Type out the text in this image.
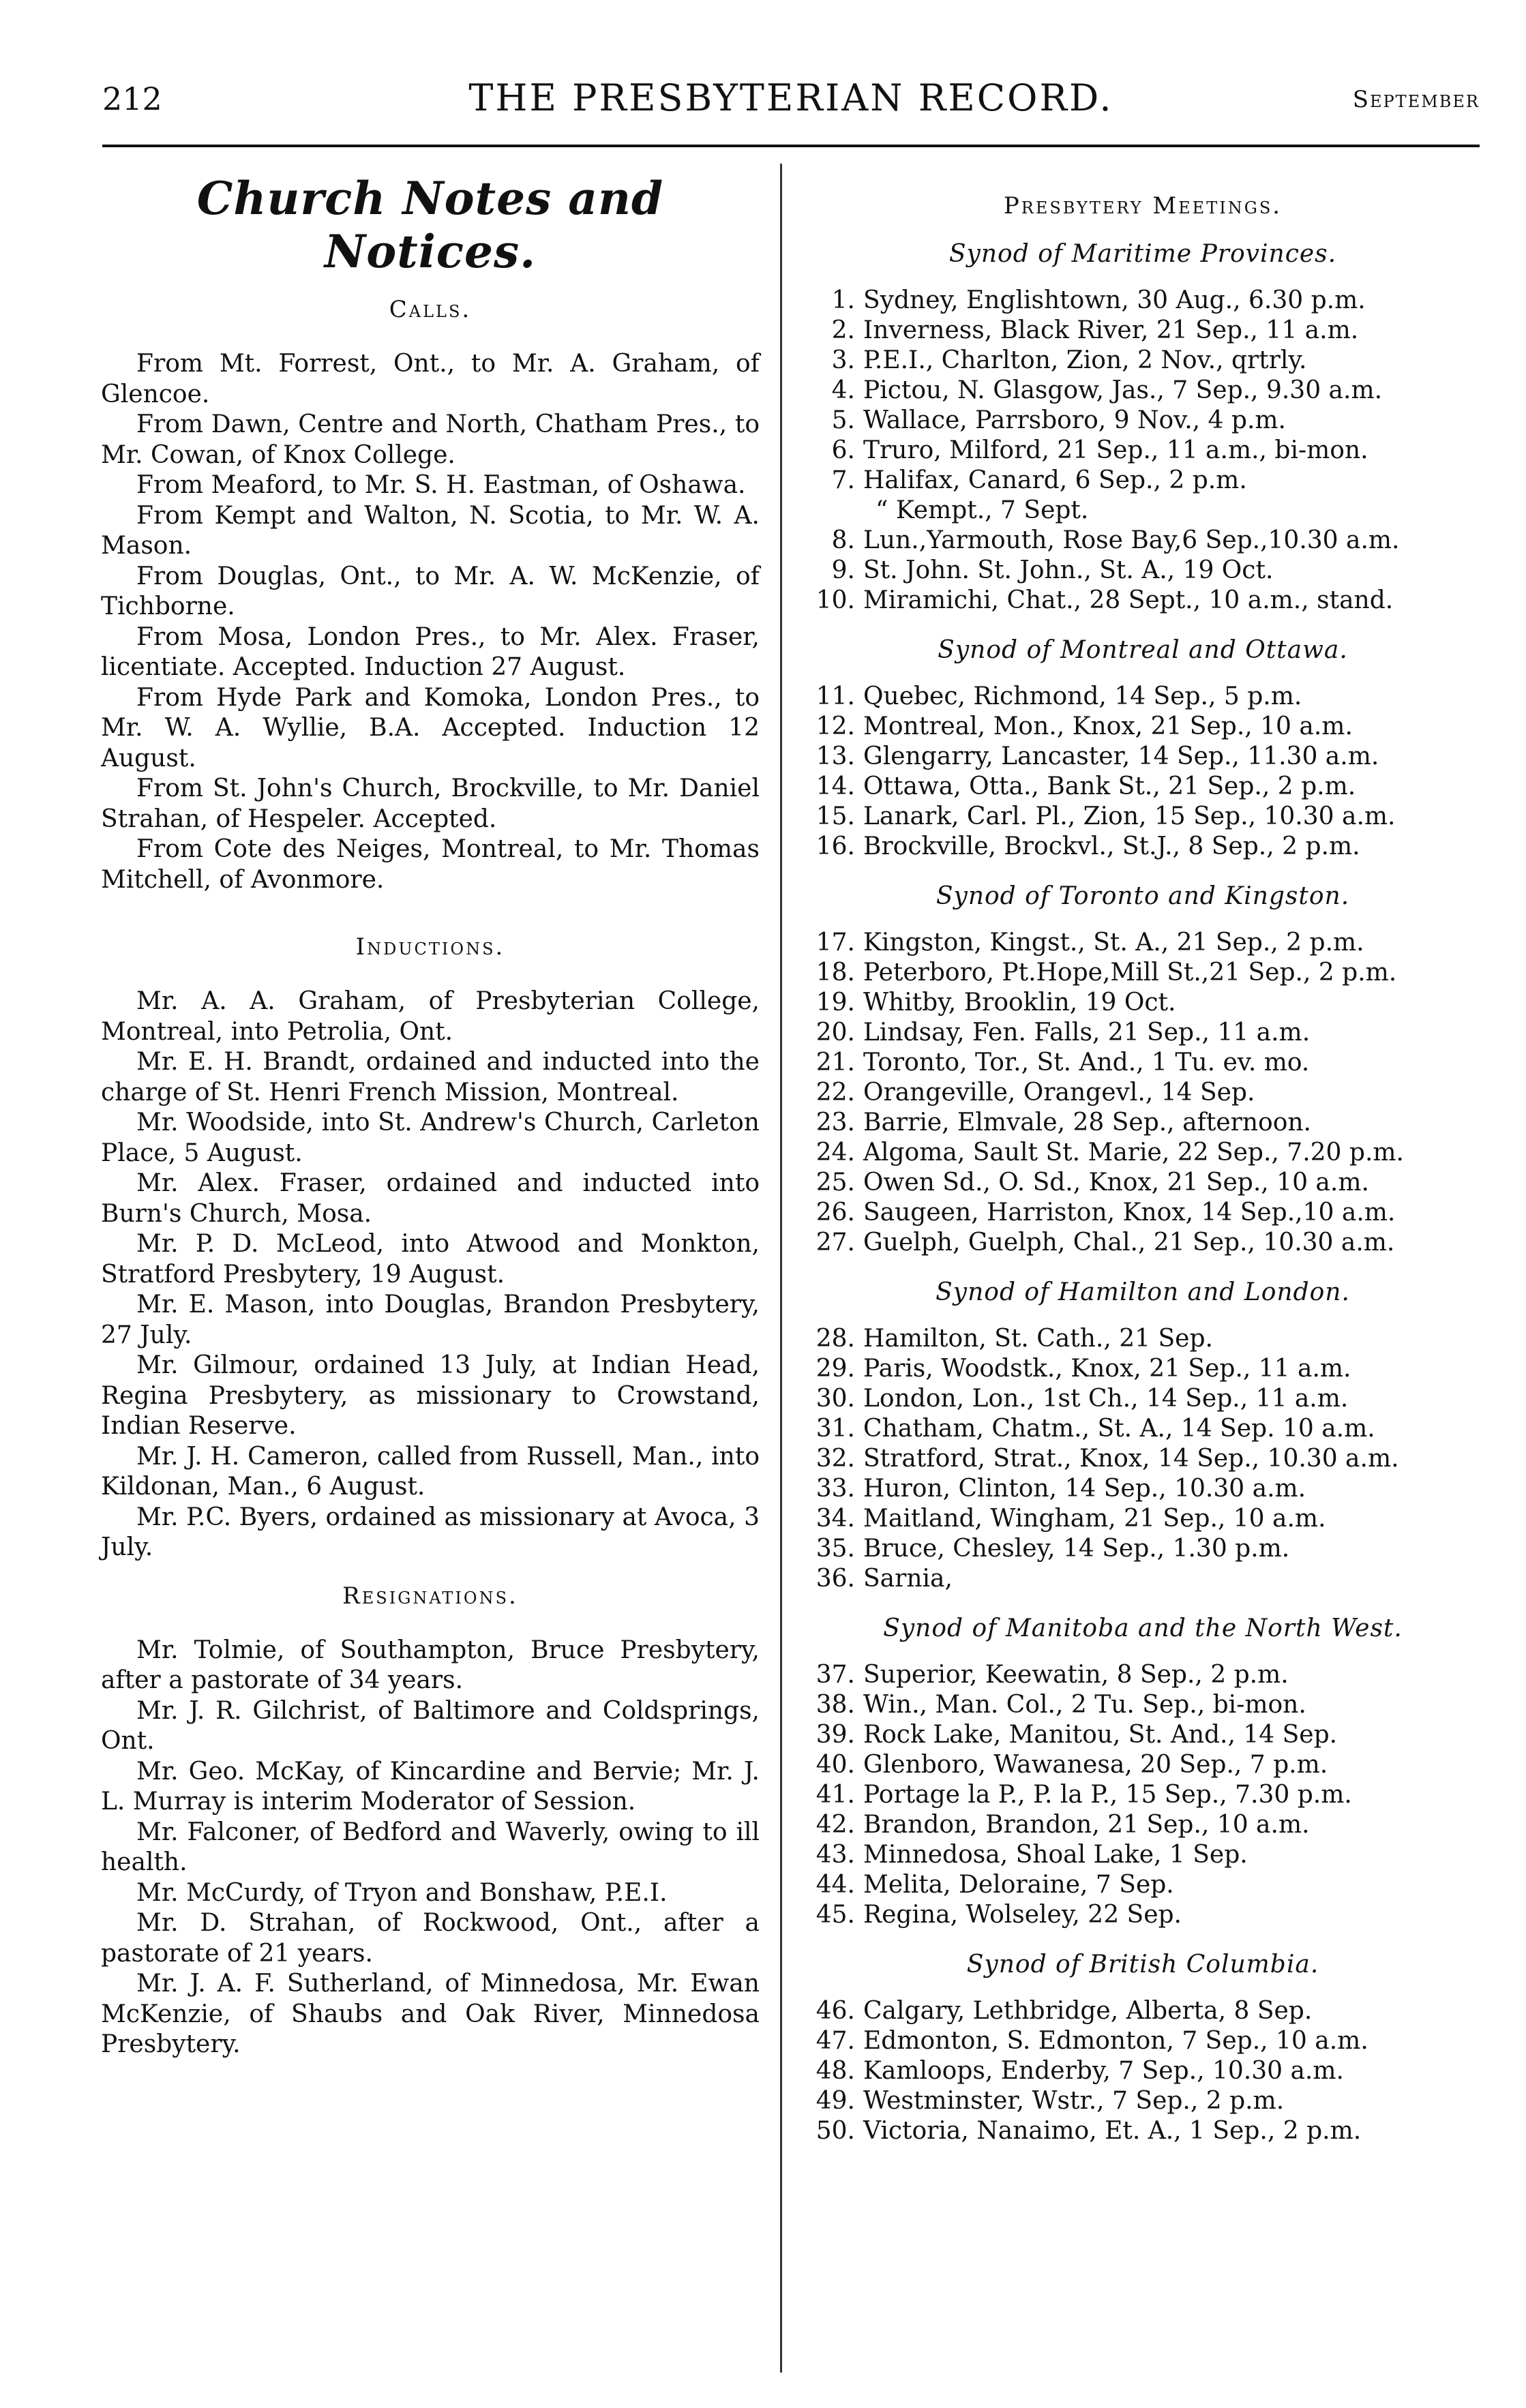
212	THE PRESBYTERIAN RECORD.	September
Church Notes and Notices.
Calls.

From Mt. Forrest, Ont., to Mr. A. Graham, of Glencoe.

From Dawn, Centre and North, Chatham Pres., to Mr. Cowan, of Knox College.

From Meaford, to Mr. S. H. Eastman, of Oshawa.

From Kempt and Walton, N. Scotia, to Mr. W. A. Mason.

From Douglas, Ont., to Mr. A. W. McKenzie, of Tichborne.

From Mosa, London Pres., to Mr. Alex. Fraser, licentiate. Accepted. Induction 27 August.

From Hyde Park and Komoka, London Pres., to Mr. W. A. Wyllie, B.A. Accepted. Induction 12 August.

From St. John's Church, Brockville, to Mr. Daniel Strahan, of Hespeler. Accepted.

From Cote des Neiges, Montreal, to Mr. Thomas Mitchell, of Avonmore.

Inductions.

Mr. A. A. Graham, of Presbyterian College, Montreal, into Petrolia, Ont.

Mr. E. H. Brandt, ordained and inducted into the charge of St. Henri French Mission, Montreal.

Mr. Woodside, into St. Andrew's Church, Carleton Place, 5 August.

Mr. Alex. Fraser, ordained and inducted into Burn's Church, Mosa.

Mr. P. D. McLeod, into Atwood and Monkton, Stratford Presbytery, 19 August.

Mr. E. Mason, into Douglas, Brandon Presbytery, 27 July.

Mr. Gilmour, ordained 13 July, at Indian Head, Regina Presbytery, as missionary to Crowstand, Indian Reserve.

Mr. J. H. Cameron, called from Russell, Man., into Kildonan, Man., 6 August.

Mr. P.C. Byers, ordained as missionary at Avoca, 3 July.

Resignations.

Mr. Tolmie, of Southampton, Bruce Presbytery, after a pastorate of 34 years.

Mr. J. R. Gilchrist, of Baltimore and Coldsprings, Ont.

Mr. Geo. McKay, of Kincardine and Bervie; Mr. J. L. Murray is interim Moderator of Session.

Mr. Falconer, of Bedford and Waverly, owing to ill health.

Mr. McCurdy, of Tryon and Bonshaw, P.E.I.

Mr. D. Strahan, of Rockwood, Ont., after a pastorate of 21 years.

Mr. J. A. F. Sutherland, of Minnedosa, Mr. Ewan McKenzie, of Shaubs and Oak River, Minnedosa Presbytery.

Presbytery Meetings.
Synod of Maritime Provinces.
1. Sydney, Englishtown, 30 Aug., 6.30 p.m.
2. Inverness, Black River, 21 Sep., 11 a.m.
3. P.E.I., Charlton, Zion, 2 Nov., qrtrly.
4. Pictou, N. Glasgow, Jas., 7 Sep., 9.30 a.m.
5. Wallace, Parrsboro, 9 Nov., 4 p.m.
6. Truro, Milford, 21 Sep., 11 a.m., bi-mon.
7. Halifax, Canard, 6 Sep., 2 p.m.
“ Kempt., 7 Sept.
8. Lun.,Yarmouth, Rose Bay,6 Sep.,10.30 a.m.
9. St. John. St. John., St. A., 19 Oct.
10. Miramichi, Chat., 28 Sept., 10 a.m., stand.
Synod of Montreal and Ottawa.
11. Quebec, Richmond, 14 Sep., 5 p.m.
12. Montreal, Mon., Knox, 21 Sep., 10 a.m.
13. Glengarry, Lancaster, 14 Sep., 11.30 a.m.
14. Ottawa, Otta., Bank St., 21 Sep., 2 p.m.
15. Lanark, Carl. Pl., Zion, 15 Sep., 10.30 a.m.
16. Brockville, Brockvl., St.J., 8 Sep., 2 p.m.
Synod of Toronto and Kingston.
17. Kingston, Kingst., St. A., 21 Sep., 2 p.m.
18. Peterboro, Pt.Hope,Mill St.,21 Sep., 2 p.m.
19. Whitby, Brooklin, 19 Oct.
20. Lindsay, Fen. Falls, 21 Sep., 11 a.m.
21. Toronto, Tor., St. And., 1 Tu. ev. mo.
22. Orangeville, Orangevl., 14 Sep.
23. Barrie, Elmvale, 28 Sep., afternoon.
24. Algoma, Sault St. Marie, 22 Sep., 7.20 p.m.
25. Owen Sd., O. Sd., Knox, 21 Sep., 10 a.m.
26. Saugeen, Harriston, Knox, 14 Sep.,10 a.m.
27. Guelph, Guelph, Chal., 21 Sep., 10.30 a.m.
Synod of Hamilton and London.
28. Hamilton, St. Cath., 21 Sep.
29. Paris, Woodstk., Knox, 21 Sep., 11 a.m.
30. London, Lon., 1st Ch., 14 Sep., 11 a.m.
31. Chatham, Chatm., St. A., 14 Sep. 10 a.m.
32. Stratford, Strat., Knox, 14 Sep., 10.30 a.m.
33. Huron, Clinton, 14 Sep., 10.30 a.m.
34. Maitland, Wingham, 21 Sep., 10 a.m.
35. Bruce, Chesley, 14 Sep., 1.30 p.m.
36. Sarnia,
Synod of Manitoba and the North West.
37. Superior, Keewatin, 8 Sep., 2 p.m.
38. Win., Man. Col., 2 Tu. Sep., bi-mon.
39. Rock Lake, Manitou, St. And., 14 Sep.
40. Glenboro, Wawanesa, 20 Sep., 7 p.m.
41. Portage la P., P. la P., 15 Sep., 7.30 p.m.
42. Brandon, Brandon, 21 Sep., 10 a.m.
43. Minnedosa, Shoal Lake, 1 Sep.
44. Melita, Deloraine, 7 Sep.
45. Regina, Wolseley, 22 Sep.
Synod of British Columbia.
46. Calgary, Lethbridge, Alberta, 8 Sep.
47. Edmonton, S. Edmonton, 7 Sep., 10 a.m.
48. Kamloops, Enderby, 7 Sep., 10.30 a.m.
49. Westminster, Wstr., 7 Sep., 2 p.m.
50. Victoria, Nanaimo, Et. A., 1 Sep., 2 p.m.
